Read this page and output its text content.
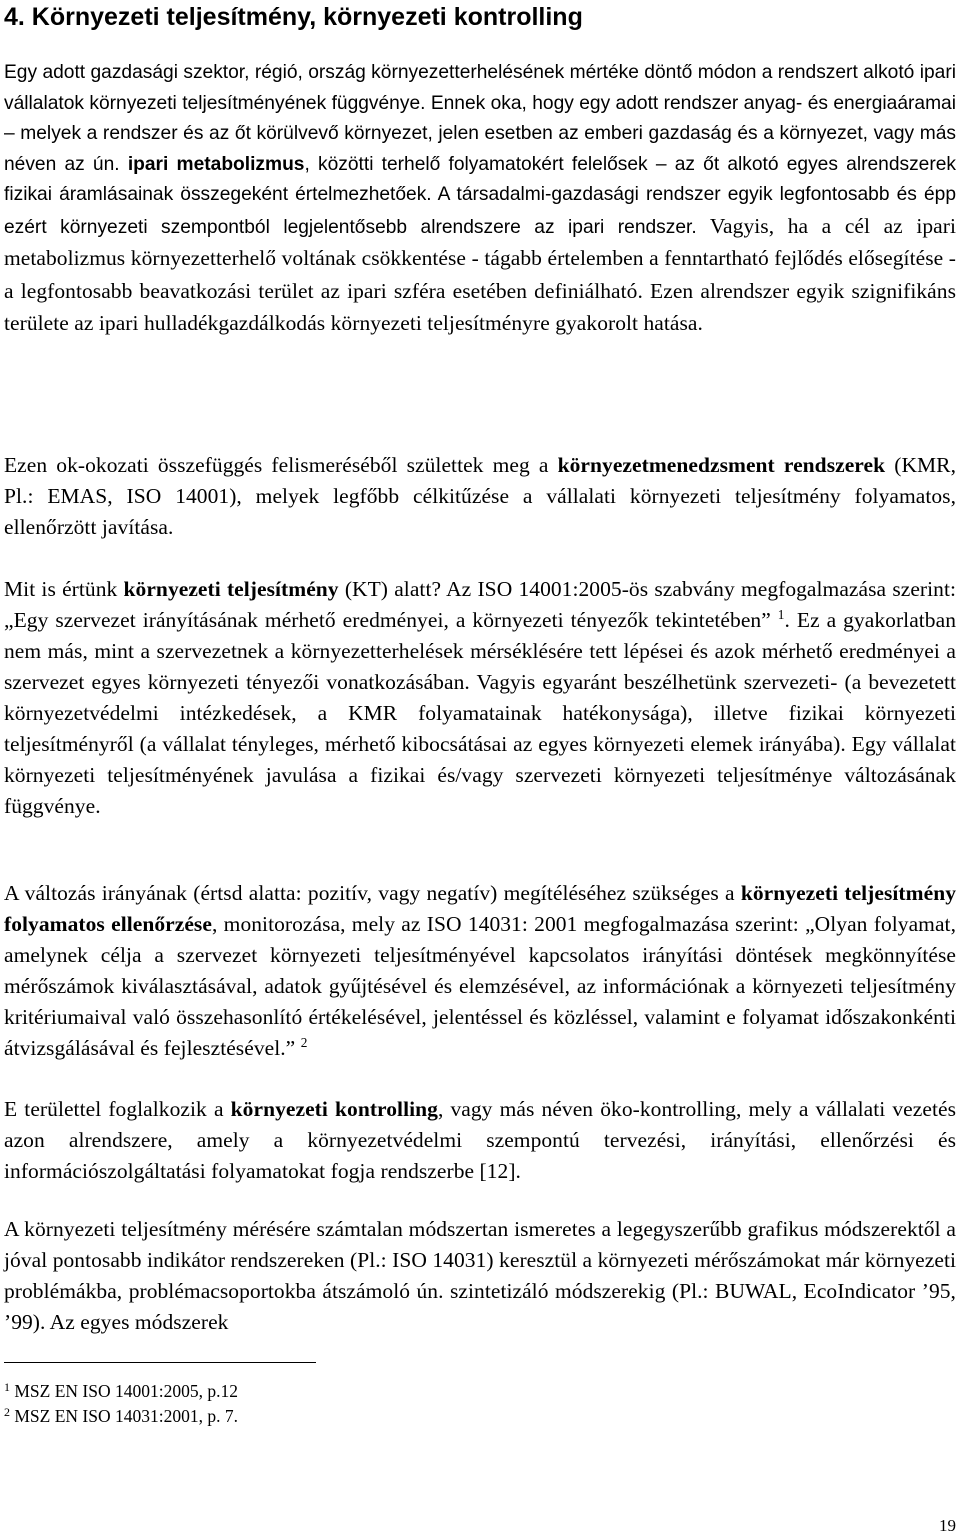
4. Környezeti teljesítmény, környezeti kontrolling

Egy adott gazdasági szektor, régió, ország környezetterhelésének mértéke döntő módon a rendszert alkotó ipari vállalatok környezeti teljesítményének függvénye. Ennek oka, hogy egy adott rendszer anyag- és energiaáramai – melyek a rendszer és az őt körülvevő környezet, jelen esetben az emberi gazdaság és a környezet, vagy más néven az ún. ipari metabolizmus, közötti terhelő folyamatokért felelősek – az őt alkotó egyes alrendszerek fizikai áramlásainak összegeként értelmezhetőek. A társadalmi-gazdasági rendszer egyik legfontosabb és épp ezért környezeti szempontból legjelentősebb alrendszere az ipari rendszer. Vagyis, ha a cél az ipari metabolizmus környezetterhelő voltának csökkentése - tágabb értelemben a fenntartható fejlődés elősegítése - a legfontosabb beavatkozási terület az ipari szféra esetében definiálható. Ezen alrendszer egyik szignifikáns területe az ipari hulladékgazdálkodás környezeti teljesítményre gyakorolt hatása.

Ezen ok-okozati összefüggés felismeréséből születtek meg a környezetmenedzsment rendszerek (KMR, Pl.: EMAS, ISO 14001), melyek legfőbb célkitűzése a vállalati környezeti teljesítmény folyamatos, ellenőrzött javítása.

Mit is értünk környezeti teljesítmény (KT) alatt? Az ISO 14001:2005-ös szabvány megfogalmazása szerint: „Egy szervezet irányításának mérhető eredményei, a környezeti tényezők tekintetében” $^1$. Ez a gyakorlatban nem más, mint a szervezetnek a környezetterhelések mérséklésére tett lépései és azok mérhető eredményei a szervezet egyes környezeti tényezői vonatkozásában. Vagyis egyaránt beszélhetünk szervezeti- (a bevezetett környezetvédelmi intézkedések, a KMR folyamatainak hatékonysága), illetve fizikai környezeti teljesítményről (a vállalat tényleges, mérhető kibocsátásai az egyes környezeti elemek irányába). Egy vállalat környezeti teljesítményének javulása a fizikai és/vagy szervezeti környezeti teljesítménye változásának függvénye.

A változás irányának (értsd alatta: pozitív, vagy negatív) megítéléséhez szükséges a környezeti teljesítmény folyamatos ellenőrzése, monitorozása, mely az ISO 14031: 2001 megfogalmazása szerint: „Olyan folyamat, amelynek célja a szervezet környezeti teljesítményével kapcsolatos irányítási döntések megkönnyítése mérőszámok kiválasztásával, adatok gyűjtésével és elemzésével, az információnak a környezeti teljesítmény kritériumaival való összehasonlító értékelésével, jelentéssel és közléssel, valamint e folyamat időszakonkénti átvizsgálásával és fejlesztésével.” $^2$

E területtel foglalkozik a környezeti kontrolling, vagy más néven öko-kontrolling, mely a vállalati vezetés azon alrendszere, amely a környezetvédelmi szempontú tervezési, irányítási, ellenőrzési és információszolgáltatási folyamatokat fogja rendszerbe [12].

A környezeti teljesítmény mérésére számtalan módszertan ismeretes a legegyszerűbb grafikus módszerektől a jóval pontosabb indikátor rendszereken (Pl.: ISO 14031) keresztül a környezeti mérőszámokat már környezeti problémákba, problémacsoportokba átszámoló ún. szintetizáló módszerekig (Pl.: BUWAL, EcoIndicator ’95, ’99). Az egyes módszerek

$^1$ MSZ EN ISO 14001:2005, p.12
$^2$ MSZ EN ISO 14031:2001, p. 7.
19
